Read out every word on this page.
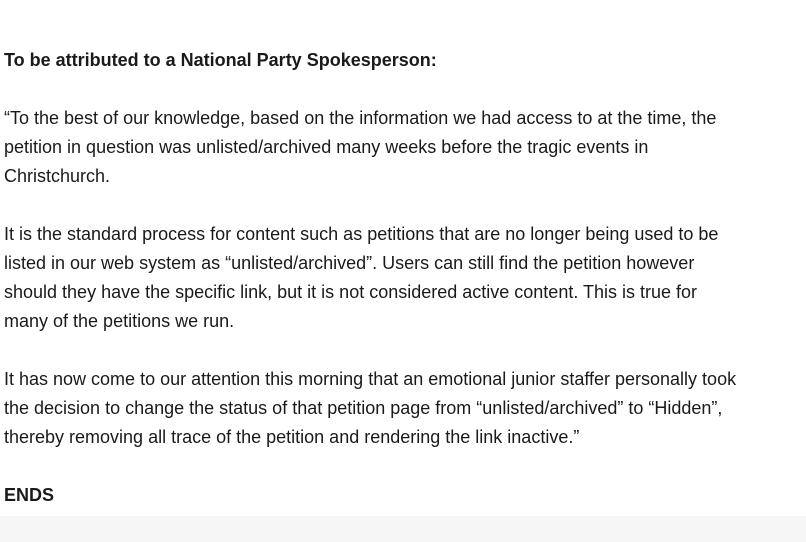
To be attributed to a National Party Spokesperson:
“To the best of our knowledge, based on the information we had access to at the time, the
petition in question was unlisted/archived many weeks before the tragic events in
Christchurch.
It is the standard process for content such as petitions that are no longer being used to be
listed in our web system as “unlisted/archived”. Users can still find the petition however
should they have the specific link, but it is not considered active content. This is true for
many of the petitions we run.
It has now come to our attention this morning that an emotional junior staffer personally took
the decision to change the status of that petition page from “unlisted/archived” to “Hidden”,
thereby removing all trace of the petition and rendering the link inactive.”
ENDS
